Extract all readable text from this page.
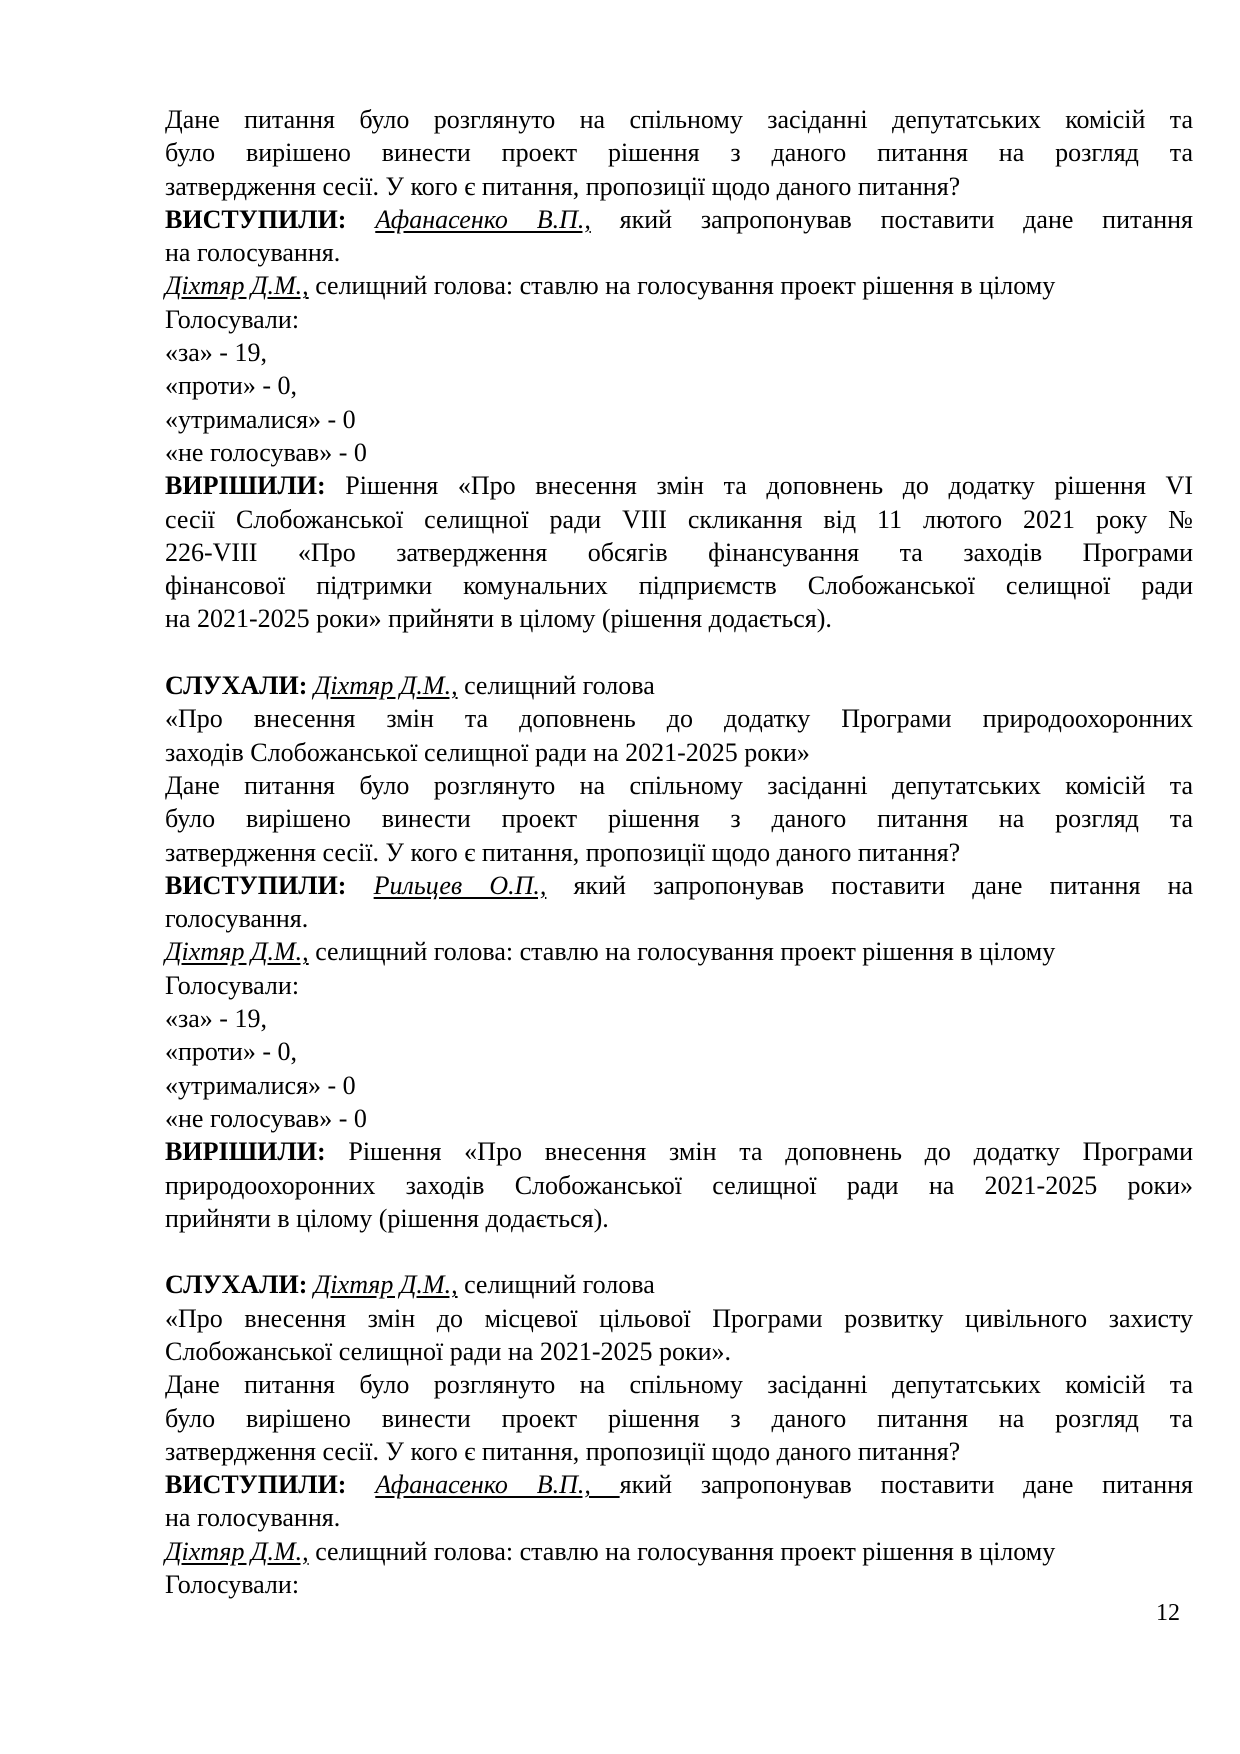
Дане питання було розглянуто на спільному засіданні депутатських комісій та
було вирішено винести проект рішення з даного питання на розгляд та
затвердження сесії. У кого є питання, пропозиції щодо даного питання?
ВИСТУПИЛИ: Афанасенко В.П., який запропонував поставити дане питання
на голосування.
Діхтяр Д.М., селищний голова: ставлю на голосування проект рішення в цілому
Голосували:
«за» - 19,
«проти» - 0,
«утрималися» - 0
«не голосував» - 0
ВИРІШИЛИ: Рішення «Про внесення змін та доповнень до додатку рішення VI
сесії Слобожанської селищної ради VIII скликання від 11 лютого 2021 року №
226-VIII «Про затвердження обсягів фінансування та заходів Програми
фінансової підтримки комунальних підприємств Слобожанської селищної ради
на 2021-2025 роки» прийняти в цілому (рішення додається).
СЛУХАЛИ: Діхтяр Д.М., селищний голова
«Про внесення змін та доповнень до додатку Програми природоохоронних
заходів Слобожанської селищної ради на 2021-2025 роки»
Дане питання було розглянуто на спільному засіданні депутатських комісій та
було вирішено винести проект рішення з даного питання на розгляд та
затвердження сесії. У кого є питання, пропозиції щодо даного питання?
ВИСТУПИЛИ: Рильцев О.П., який запропонував поставити дане питання на
голосування.
Діхтяр Д.М., селищний голова: ставлю на голосування проект рішення в цілому
Голосували:
«за» - 19,
«проти» - 0,
«утрималися» - 0
«не голосував» - 0
ВИРІШИЛИ: Рішення «Про внесення змін та доповнень до додатку Програми
природоохоронних заходів Слобожанської селищної ради на 2021-2025 роки»
прийняти в цілому (рішення додається).
СЛУХАЛИ: Діхтяр Д.М., селищний голова
«Про внесення змін до місцевої цільової Програми розвитку цивільного захисту
Слобожанської селищної ради на 2021-2025 роки».
Дане питання було розглянуто на спільному засіданні депутатських комісій та
було вирішено винести проект рішення з даного питання на розгляд та
затвердження сесії. У кого є питання, пропозиції щодо даного питання?
ВИСТУПИЛИ: Афанасенко В.П., який запропонував поставити дане питання
на голосування.
Діхтяр Д.М., селищний голова: ставлю на голосування проект рішення в цілому
Голосували:
12
